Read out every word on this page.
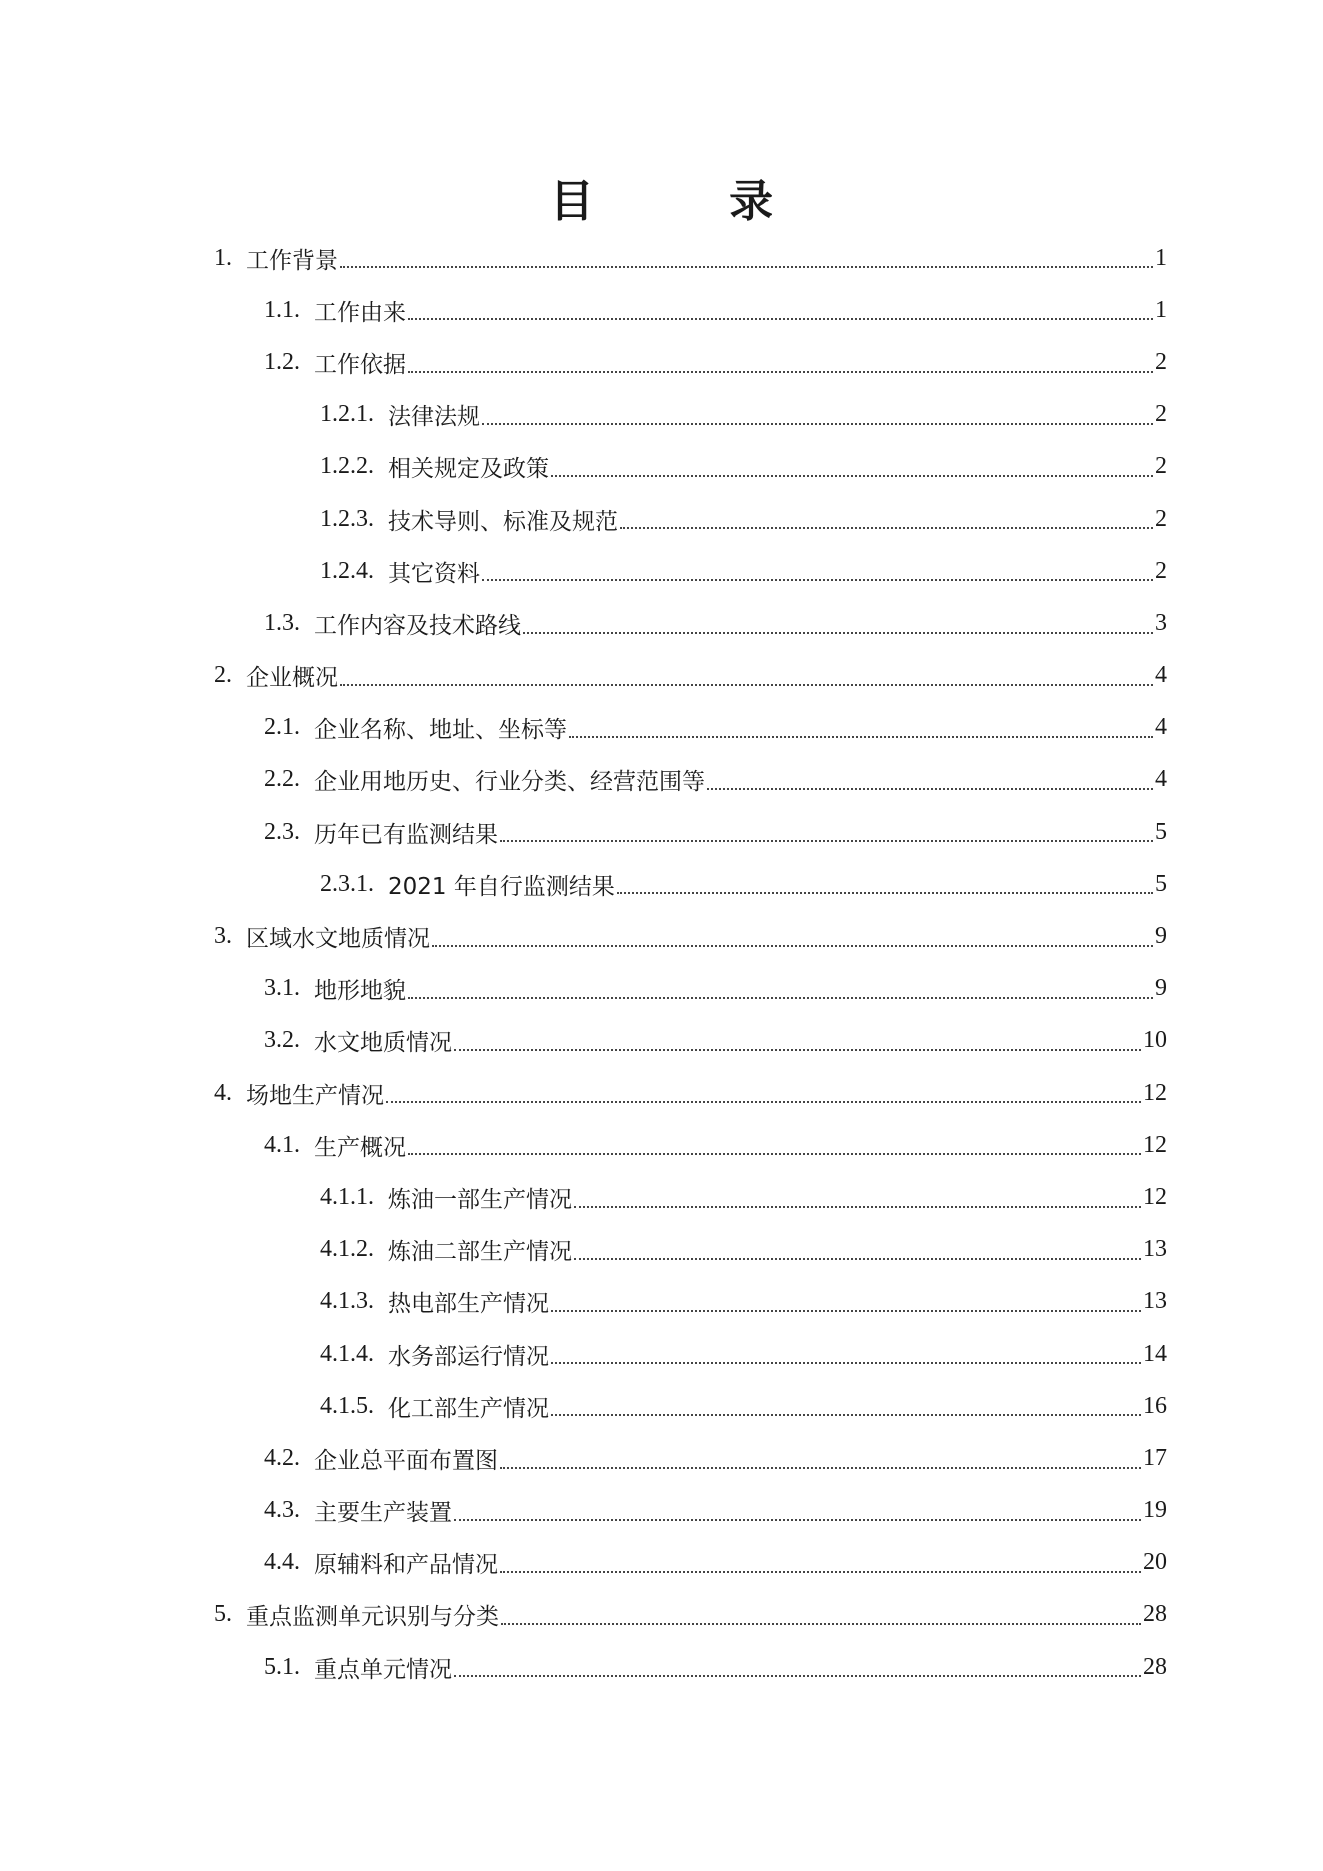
目 录
1. 工作背景	1
1.1. 工作由来	1
1.2. 工作依据	2
1.2.1. 法律法规	2
1.2.2. 相关规定及政策	2
1.2.3. 技术导则、标准及规范	2
1.2.4. 其它资料	2
1.3. 工作内容及技术路线	3
2. 企业概况	4
2.1. 企业名称、地址、坐标等	4
2.2. 企业用地历史、行业分类、经营范围等	4
2.3. 历年已有监测结果	5
2.3.1. 2021 年自行监测结果	5
3. 区域水文地质情况	9
3.1. 地形地貌	9
3.2. 水文地质情况	10
4. 场地生产情况	12
4.1. 生产概况	12
4.1.1. 炼油一部生产情况	12
4.1.2. 炼油二部生产情况	13
4.1.3. 热电部生产情况	13
4.1.4. 水务部运行情况	14
4.1.5. 化工部生产情况	16
4.2. 企业总平面布置图	17
4.3. 主要生产装置	19
4.4. 原辅料和产品情况	20
5. 重点监测单元识别与分类	28
5.1. 重点单元情况	28
